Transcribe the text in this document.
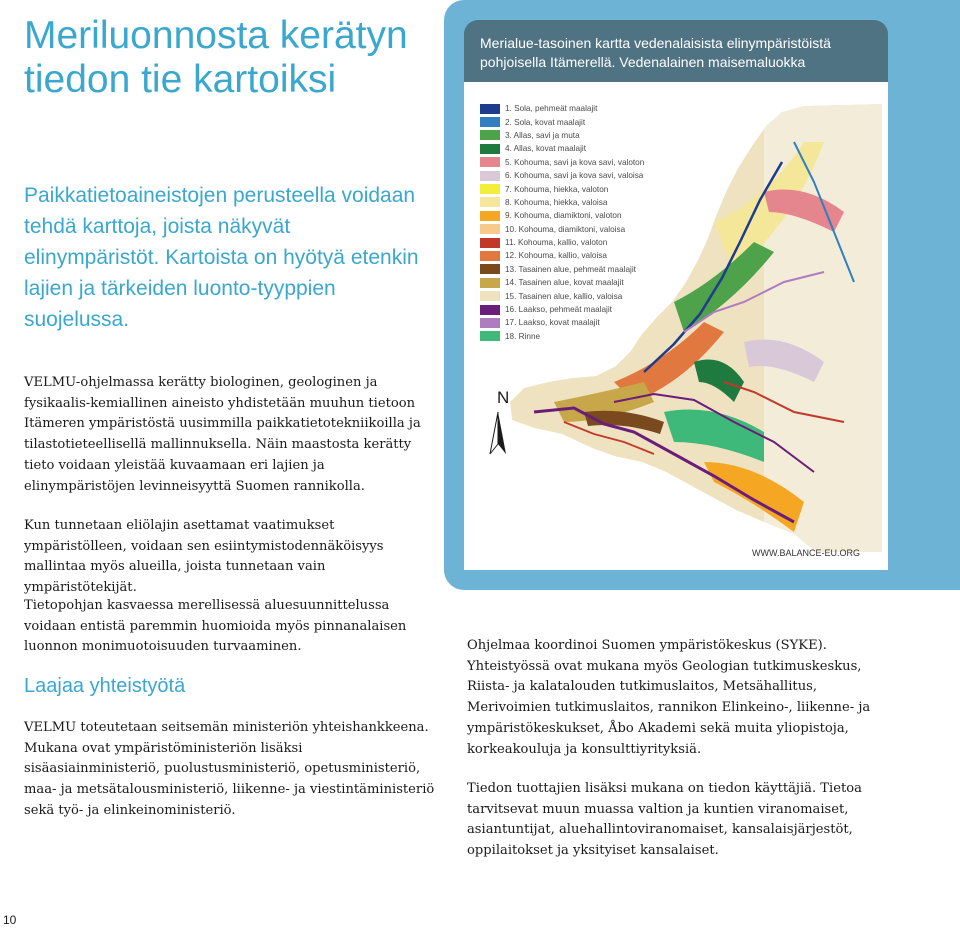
Meriluonnosta kerätyn tiedon tie kartoiksi

Paikkatietoaineistojen perusteella voidaan tehdä karttoja, joista näkyvät elinympäristöt. Kartoista on hyötyä etenkin lajien ja tärkeiden luonto-tyyppien suojelussa.

VELMU-ohjelmassa kerätty biologinen, geologinen ja fysikaalis-kemiallinen aineisto yhdistetään muuhun tietoon Itämeren ympäristöstä uusimmilla paikkatietotekniikoilla ja tilastotieteellisellä mallinnuksella. Näin maastosta kerätty tieto voidaan yleistää kuvaamaan eri lajien ja elinympäristöjen levinneisyyttä Suomen rannikolla.

Kun tunnetaan eliölajin asettamat vaatimukset ympäristölleen, voidaan sen esiintymistodennäköisyys mallintaa myös alueilla, joista tunnetaan vain ympäristötekijät.

Tietopohjan kasvaessa merellisessä aluesuunnittelussa voidaan entistä paremmin huomioida myös pinnanalaisen luonnon monimuotoisuuden turvaaminen.

Laajaa yhteistyötä

VELMU toteutetaan seitsemän ministeriön yhteishankkeena. Mukana ovat ympäristöministeriön lisäksi sisäasiainministeriö, puolustusministeriö, opetusministeriö, maa- ja metsätalousministeriö, liikenne- ja viestintäministeriö sekä työ- ja elinkeinoministeriö.

Ohjelmaa koordinoi Suomen ympäristökeskus (SYKE). Yhteistyössä ovat mukana myös Geologian tutkimuskeskus, Riista- ja kalatalouden tutkimuslaitos, Metsähallitus, Merivoimien tutkimuslaitos, rannikon Elinkeino-, liikenne- ja ympäristökeskukset, Åbo Akademi sekä muita yliopistoja, korkeakouluja ja konsulttiyrityksiä.

Tiedon tuottajien lisäksi mukana on tiedon käyttäjiä. Tietoa tarvitsevat muun muassa valtion ja kuntien viranomaiset, asiantuntijat, aluehallintoviranomaiset, kansalaisjärjestöt, oppilaitokset ja yksityiset kansalaiset.

Merialue-tasoinen kartta vedenalaisista elinympäristöistä pohjoisella Itämerellä. Vedenalainen maisemaluokka
N
1. Sola, pehmeät maalajit
2. Sola, kovat maalajit
3. Allas, savi ja muta
4. Allas, kovat maalajit
5. Kohouma, savi ja kova savi, valoton
6. Kohouma, savi ja kova savi, valoisa
7. Kohouma, hiekka, valoton
8. Kohouma, hiekka, valoisa
9. Kohouma, diamiktoni, valoton
10. Kohouma, diamiktoni, valoisa
11. Kohouma, kallio, valoton
12. Kohouma, kallio, valoisa
13. Tasainen alue, pehmeät maalajit
14. Tasainen alue, kovat maalajit
15. Tasainen alue, kallio, valoisa
16. Laakso, pehmeät maalajit
17. Laakso, kovat maalajit
18. Rinne
WWW.BALANCE-EU.ORG
10
